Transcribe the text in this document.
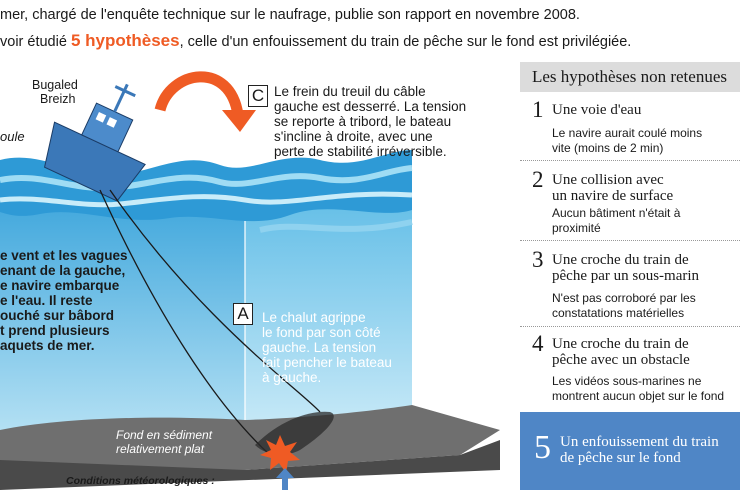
mer, chargé de l'enquête technique sur le naufrage, publie son rapport en novembre 2008.
voir étudié 5 hypothèses, celle d'un enfouissement du train de pêche sur le fond est privilégiée.
Bugaled
Breizh
oule
C Le frein du treuil du câble
gauche est desserré. La tension
se reporte à tribord, le bateau
s'incline à droite, avec une
perte de stabilité irréversible.
e vent et les vagues
enant de la gauche,
e navire embarque
e l'eau. Il reste
ouché sur bâbord
t prend plusieurs
aquets de mer.
A Le chalut agrippe
le fond par son côté
gauche. La tension
fait pencher le bateau
à gauche.
Fond en sédiment
relativement plat
Conditions météorologiques :
Les hypothèses non retenues
1 Une voie d'eau
Le navire aurait coulé moins
vite (moins de 2 min)
2 Une collision avec
un navire de surface
Aucun bâtiment n'était à
proximité
3 Une croche du train de
pêche par un sous-marin
N'est pas corroboré par les
constatations matérielles
4 Une croche du train de
pêche avec un obstacle
Les vidéos sous-marines ne
montrent aucun objet sur le fond
5 Un enfouissement du train
de pêche sur le fond
